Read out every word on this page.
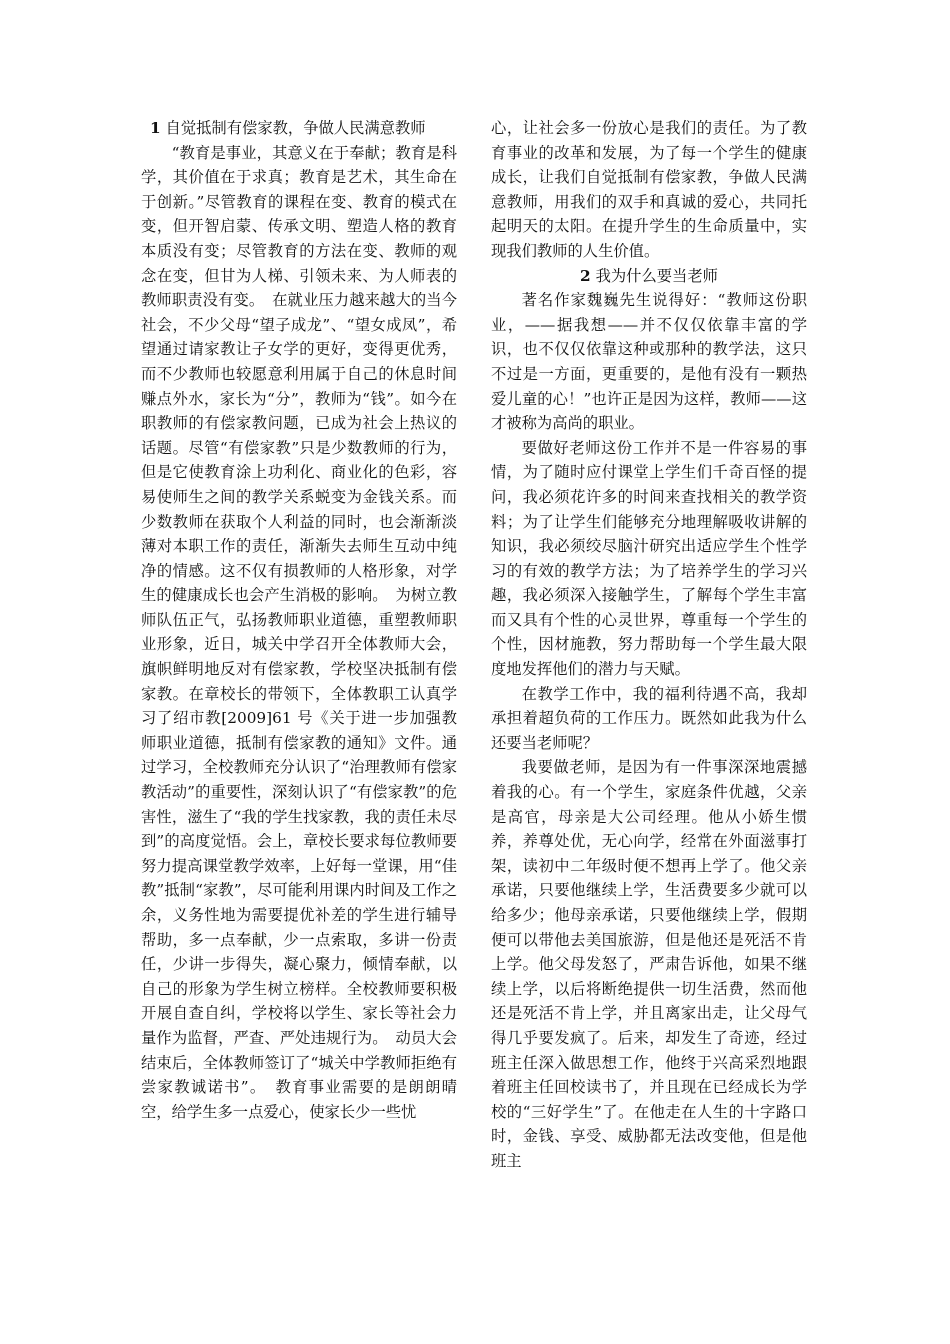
1 自觉抵制有偿家教，争做人民满意教师

“教育是事业，其意义在于奉献；教育是科学，其价值在于求真；教育是艺术，其生命在于创新。”尽管教育的课程在变、教育的模式在变，但开智启蒙、传承文明、塑造人格的教育本质没有变；尽管教育的方法在变、教师的观念在变，但甘为人梯、引领未来、为人师表的教师职责没有变。　在就业压力越来越大的当今社会，不少父母“望子成龙”、“望女成凤”，希望通过请家教让子女学的更好，变得更优秀，而不少教师也较愿意利用属于自己的休息时间赚点外水，家长为“分”，教师为“钱”。如今在职教师的有偿家教问题，已成为社会上热议的话题。尽管“有偿家教”只是少数教师的行为，但是它使教育涂上功利化、商业化的色彩，容易使师生之间的教学关系蜕变为金钱关系。而少数教师在获取个人利益的同时，也会渐渐淡薄对本职工作的责任，渐渐失去师生互动中纯净的情感。这不仅有损教师的人格形象，对学生的健康成长也会产生消极的影响。　为树立教师队伍正气，弘扬教师职业道德，重塑教师职业形象，近日，城关中学召开全体教师大会，旗帜鲜明地反对有偿家教，学校坚决抵制有偿家教。在章校长的带领下，全体教职工认真学习了绍市教[2009]61 号《关于进一步加强教师职业道德，抵制有偿家教的通知》文件。通过学习，全校教师充分认识了“治理教师有偿家教活动”的重要性，深刻认识了“有偿家教”的危害性，滋生了“我的学生找家教，我的责任未尽到”的高度觉悟。会上，章校长要求每位教师要努力提高课堂教学效率，上好每一堂课，用“佳教”抵制“家教”，尽可能利用课内时间及工作之余，义务性地为需要提优补差的学生进行辅导帮助，多一点奉献，少一点索取，多讲一份责任，少讲一步得失，凝心聚力，倾情奉献，以自己的形象为学生树立榜样。全校教师要积极开展自查自纠，学校将以学生、家长等社会力量作为监督，严查、严处违规行为。　动员大会结束后，全体教师签订了“城关中学教师拒绝有尝家教诚诺书”。　教育事业需要的是朗朗晴空，给学生多一点爱心，使家长少一些忧

心，让社会多一份放心是我们的责任。为了教育事业的改革和发展，为了每一个学生的健康成长，让我们自觉抵制有偿家教，争做人民满意教师，用我们的双手和真诚的爱心，共同托起明天的太阳。在提升学生的生命质量中，实现我们教师的人生价值。

2 我为什么要当老师

著名作家魏巍先生说得好：“教师这份职业，——据我想——并不仅仅依靠丰富的学识，也不仅仅依靠这种或那种的教学法，这只不过是一方面，更重要的，是他有没有一颗热爱儿童的心！”也许正是因为这样，教师——这才被称为高尚的职业。

要做好老师这份工作并不是一件容易的事情，为了随时应付课堂上学生们千奇百怪的提问，我必须花许多的时间来查找相关的教学资料；为了让学生们能够充分地理解吸收讲解的知识，我必须绞尽脑汁研究出适应学生个性学习的有效的教学方法；为了培养学生的学习兴趣，我必须深入接触学生，了解每个学生丰富而又具有个性的心灵世界，尊重每一个学生的个性，因材施教，努力帮助每一个学生最大限度地发挥他们的潜力与天赋。

在教学工作中，我的福利待遇不高，我却承担着超负荷的工作压力。既然如此我为什么还要当老师呢？

我要做老师，是因为有一件事深深地震撼着我的心。有一个学生，家庭条件优越，父亲是高官，母亲是大公司经理。他从小娇生惯养，养尊处优，无心向学，经常在外面滋事打架，读初中二年级时便不想再上学了。他父亲承诺，只要他继续上学，生活费要多少就可以给多少；他母亲承诺，只要他继续上学，假期便可以带他去美国旅游，但是他还是死活不肯上学。他父母发怒了，严肃告诉他，如果不继续上学，以后将断绝提供一切生活费，然而他还是死活不肯上学，并且离家出走，让父母气得几乎要发疯了。后来，却发生了奇迹，经过班主任深入做思想工作，他终于兴高采烈地跟着班主任回校读书了，并且现在已经成长为学校的“三好学生”了。在他走在人生的十字路口时，金钱、享受、威胁都无法改变他，但是他班主
